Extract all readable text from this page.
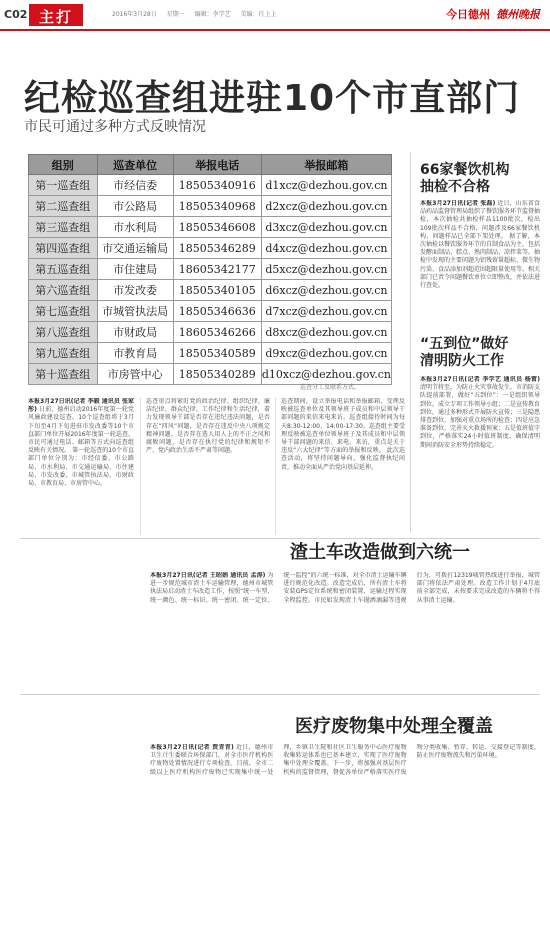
C02 主打	2016年3月28日 星期一 编辑：李学艺 美编：任上上	今日德州 德州晚报
纪检巡查组进驻10个市直部门
市民可通过多种方式反映情况
组别	巡查单位	举报电话	举报邮箱
第一巡查组	市经信委	18505340916	d1xcz@dezhou.gov.cn
第二巡查组	市公路局	18505340968	d2xcz@dezhou.gov.cn
第三巡查组	市水利局	18505346608	d3xcz@dezhou.gov.cn
第四巡查组	市交通运输局	18505346289	d4xcz@dezhou.gov.cn
第五巡查组	市住建局	18605342177	d5xcz@dezhou.gov.cn
第六巡查组	市发改委	18505340105	d6xcz@dezhou.gov.cn
第七巡查组	市城管执法局	18505346636	d7xcz@dezhou.gov.cn
第八巡查组	市财政局	18605346266	d8xcz@dezhou.gov.cn
第九巡查组	市教育局	18505340589	d9xcz@dezhou.gov.cn
第十巡查组	市房管中心	18505340289	d10xcz@dezhou.gov.cn
巡查分工及联系方式。
本报3月27日讯(记者 李毅 通讯员 张家彤) 日前，德州启动2016年度第一轮党风廉政建设巡查，10个巡查组将于3月下旬至4月下旬进驻市发改委等10个市直部门单位开展2016年度第一轮巡查，市民可通过电话、邮箱等方式向巡查组反映有关情况。 第一轮巡查的10个市直部门单位分别为：市经信委、市公路局、市水利局、市交通运输局、市住建局、市发改委、市城管执法局、市财政局、市教育局、市房管中心。
巡查重点将紧盯党的政治纪律、组织纪律、廉洁纪律、群众纪律、工作纪律和生活纪律，着力发现领导干部是否存在违纪违法问题，是否存在“四风”问题，是否存在违反中央八项规定精神问题，是否存在选人用人上的不正之风和腐败问题，是否存在执行党的纪律和规矩不严、党内政治生活不严肃等问题。
巡查期间，设立举报电话和举报邮箱，受理反映被巡查单位及其领导班子成员和中层领导干部问题的来信来电来访。巡查组接待时间为每天8:30-12:00、14:00-17:30。巡查组主要受理反映被巡查单位领导班子及其成员和中层领导干部问题的来信、来电、来访，重点是关于违反“六大纪律”等方面的举报和反映。 此次巡查活动，将坚持问题导向，强化监督执纪问责，推动全面从严治党向基层延伸。
66家餐饮机构
抽检不合格
本报3月27日讯(记者 张磊) 近日，山东省食品药品监督管理局组织了餐饮服务环节监督抽检，本次抽检共抽检样品1100批次，检出109批次样品不合格，问题涉及66家餐饮机构，问题样品已全部下架处理。 据了解，本次抽检以餐饮服务环节的自制食品为主，包括发酵面制品、糕点、熟肉制品、凉拌菜等。抽检中发现的主要问题为铝残留量超标、微生物污染、食品添加剂超范围超限量使用等。相关部门已责令问题餐饮单位立即整改，并依法进行查处。
“五到位”做好
清明防火工作
本报3月27日讯(记者 李学艺 通讯员 杨雷) 清明节将至，为防止火灾事故发生，市消防支队提前部署，做好“五到位”：一是组织领导到位，成立专项工作领导小组；二是宣传教育到位，通过多种形式开展防火宣传；三是隐患排查到位，加强对重点场所的检查；四是应急准备到位，完善灭火救援预案；五是值班值守到位，严格落实24小时值班制度，确保清明期间消防安全形势持续稳定。
渣土车改造做到六统一
本报3月27日讯(记者 王昭娟 通讯员 孟涛) 为进一步规范城市渣土车运输管理，德州市城管执法局启动渣土车改造工作，按照“统一车型、统一颜色、统一标识、统一密闭、统一定位、统一监控”的六统一标准，对全市渣土运输车辆进行规范化改造。改造完成后，所有渣土车将安装GPS定位系统和密闭装置，运输过程实现全程监控。市民如发现渣土车抛洒滴漏等违规行为，可拨打12319城管热线进行举报，城管部门将依法严肃处理。改造工作计划于4月底前全部完成，未按要求完成改造的车辆将不得从事渣土运输。
医疗废物集中处理全覆盖
本报3月27日讯(记者 贾青青) 近日，德州市卫生计生委联合环保部门，对全市医疗机构医疗废物处置情况进行专项检查。目前，全市二级以上医疗机构医疗废物已实现集中统一处理，乡镇卫生院和社区卫生服务中心医疗废物收集转运体系也已基本建立，实现了医疗废物集中处理全覆盖。下一步，将加强对基层医疗机构的监督管理，督促各单位严格落实医疗废物分类收集、暂存、转运、交接登记等制度，防止医疗废物流失和污染环境。
